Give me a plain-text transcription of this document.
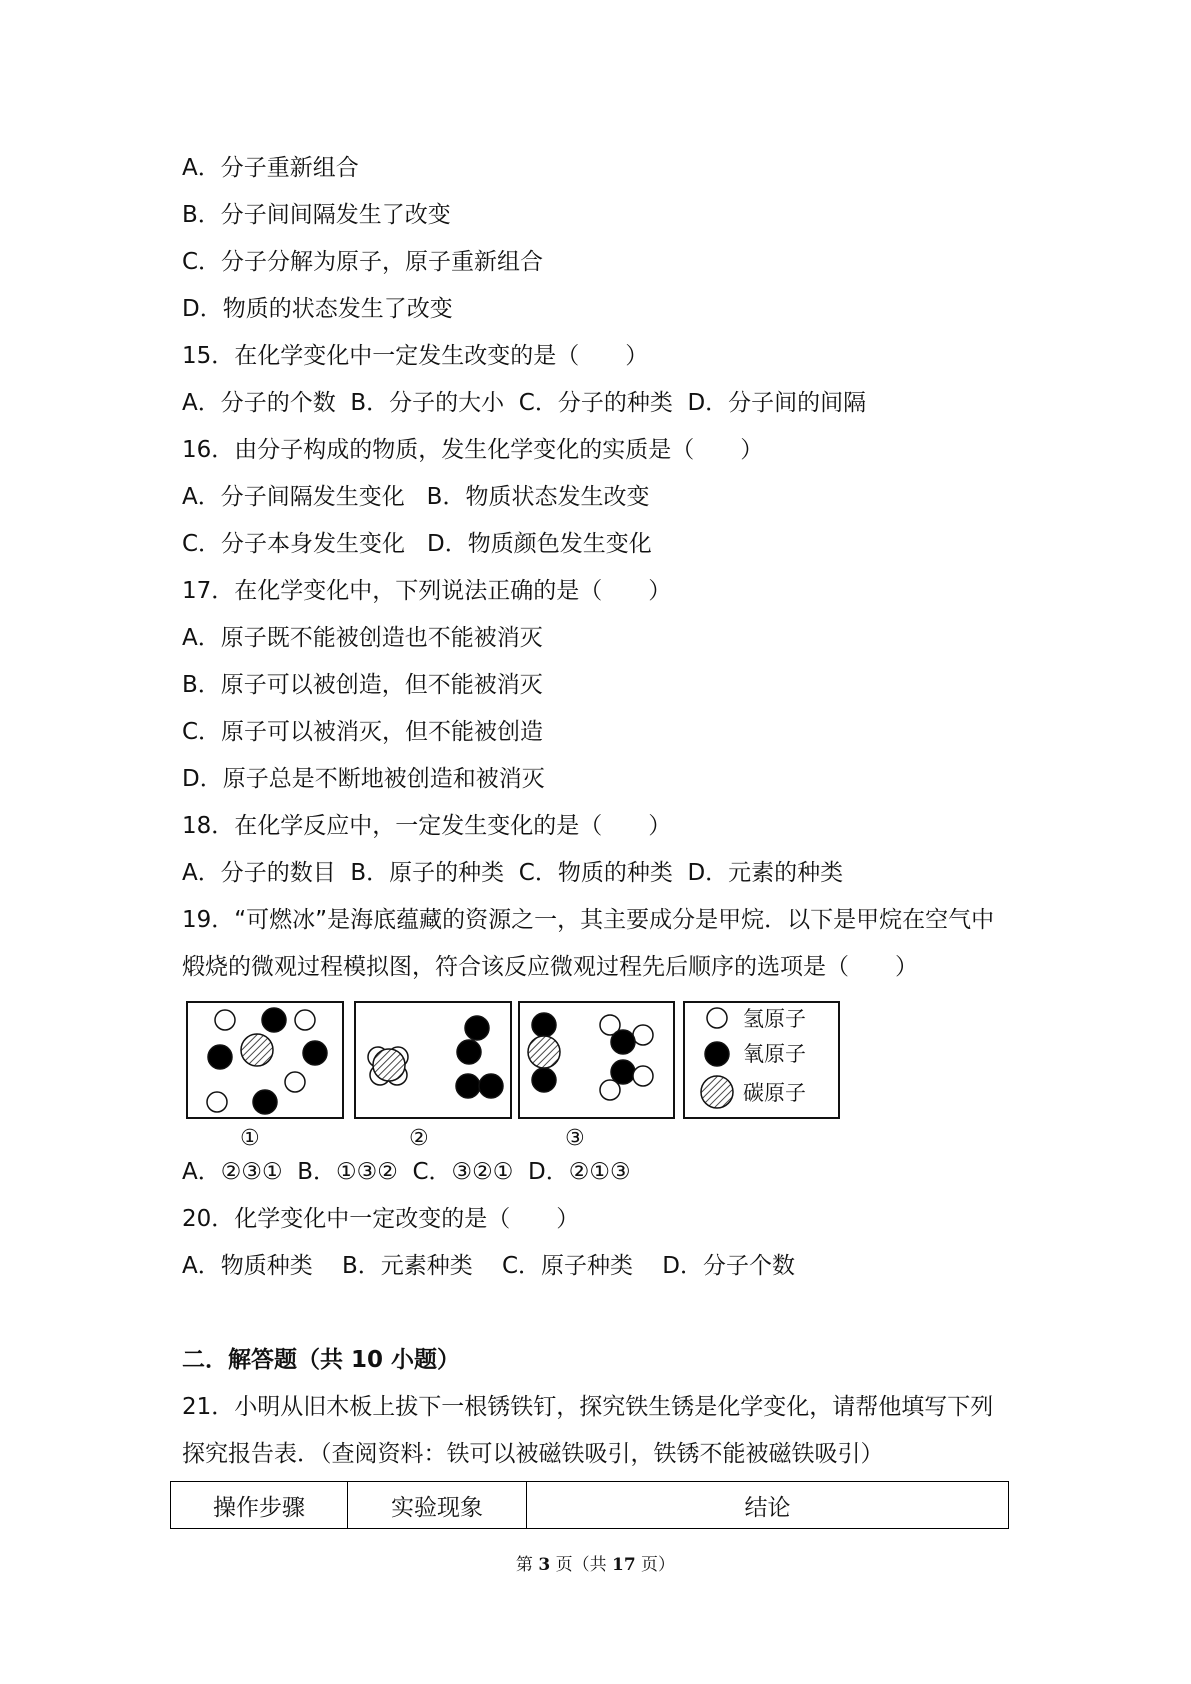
A．分子重新组合
B．分子间间隔发生了改变
C．分子分解为原子，原子重新组合
D．物质的状态发生了改变
15．在化学变化中一定发生改变的是（　　）
A．分子的个数  B．分子的大小  C．分子的种类  D．分子间的间隔
16．由分子构成的物质，发生化学变化的实质是（　　）
A．分子间隔发生变化   B．物质状态发生改变
C．分子本身发生变化   D．物质颜色发生变化
17．在化学变化中，下列说法正确的是（　　）
A．原子既不能被创造也不能被消灭
B．原子可以被创造，但不能被消灭
C．原子可以被消灭，但不能被创造
D．原子总是不断地被创造和被消灭
18．在化学反应中，一定发生变化的是（　　）
A．分子的数目  B．原子的种类  C．物质的种类  D．元素的种类
19．“可燃冰”是海底蕴藏的资源之一，其主要成分是甲烷．以下是甲烷在空气中
煅烧的微观过程模拟图，符合该反应微观过程先后顺序的选项是（　　）
氢原子
氧原子
碳原子
①	②	③
A．②③①  B．①③②  C．③②①  D．②①③
20．化学变化中一定改变的是（　　）
A．物质种类    B．元素种类    C．原子种类    D．分子个数
二．解答题（共 10 小题）
21．小明从旧木板上拔下一根锈铁钉，探究铁生锈是化学变化，请帮他填写下列
探究报告表．（查阅资料：铁可以被磁铁吸引，铁锈不能被磁铁吸引）
操作步骤	实验现象	结论
第 3 页（共 17 页）
